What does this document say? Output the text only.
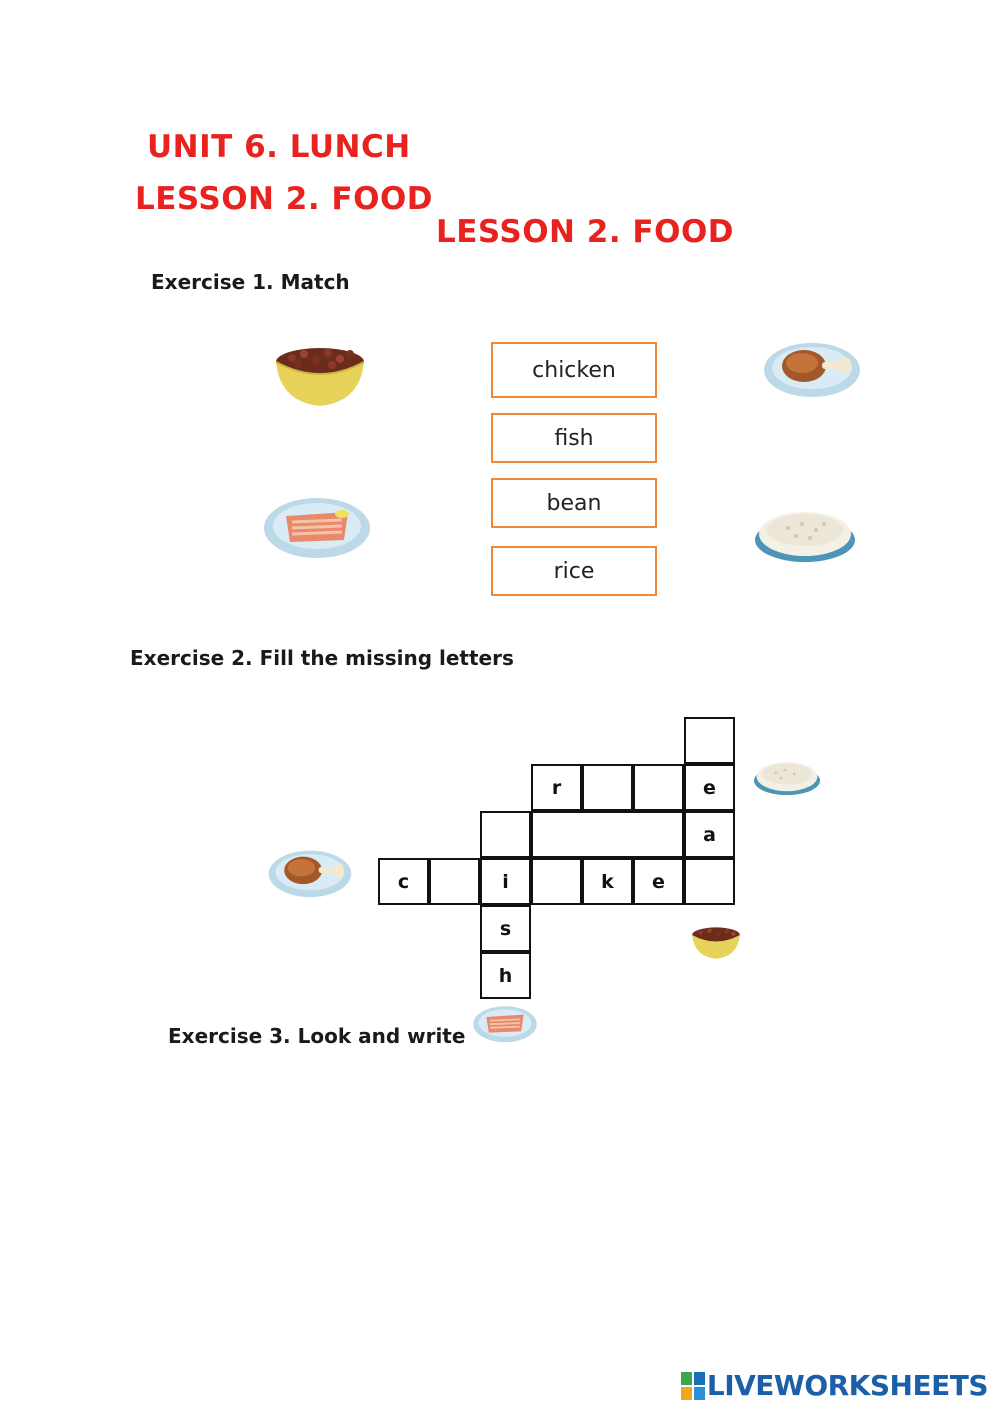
UNIT 6. LUNCH
LESSON 2. FOOD
LESSON 2. FOOD
Exercise 1. Match
chicken
fish
bean
rice
Exercise 2. Fill the missing letters
r	e
a
c	i	k	e
s
h
Exercise 3. Look and write
LIVEWORKSHEETS
